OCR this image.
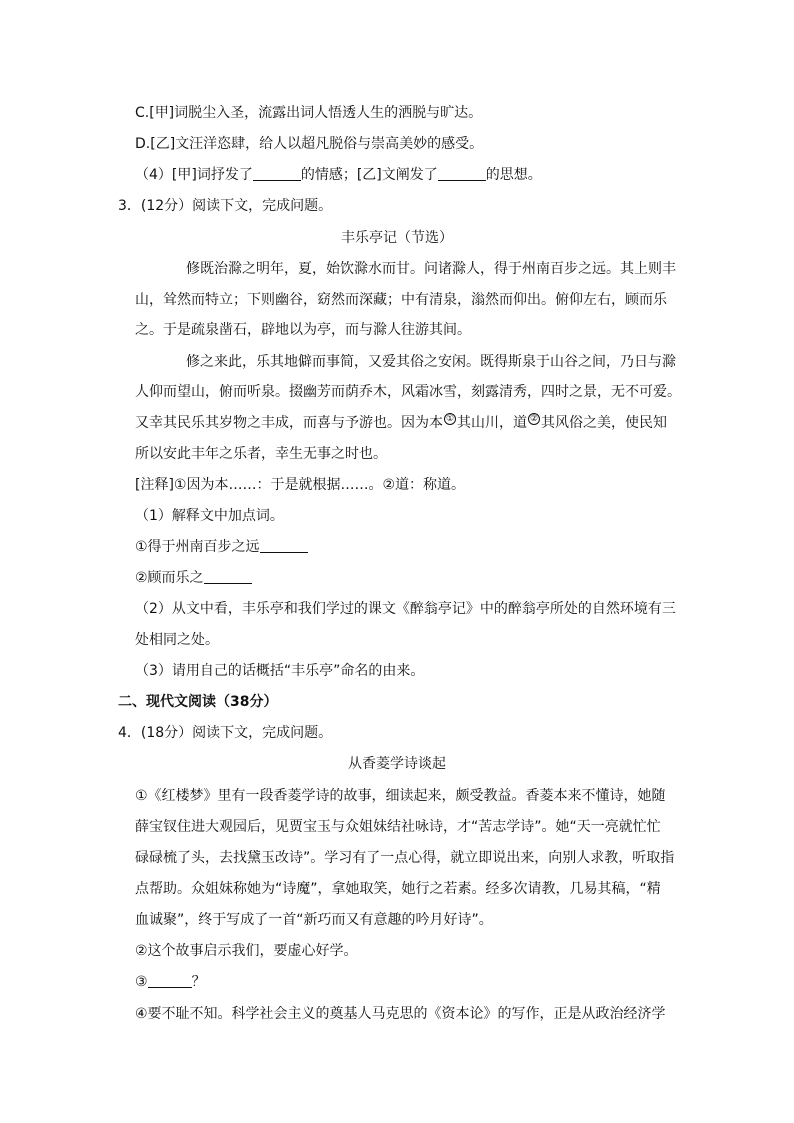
C.[甲]词脱尘入圣，流露出词人悟透人生的洒脱与旷达。
D.[乙]文汪洋恣肆，给人以超凡脱俗与崇高美妙的感受。
（4）[甲]词抒发了	的情感；[乙]文阐发了	的思想。
3．(12分）阅读下文，完成问题。
丰乐亭记（节选）
修既治滁之明年，夏，始饮滁水而甘。问诸滁人，得于州南百步之远。其上则丰
山，耸然而特立；下则幽谷，窈然而深藏；中有清泉，滃然而仰出。俯仰左右，顾而乐
之。于是疏泉凿石，辟地以为亭，而与滁人往游其间。
修之来此，乐其地僻而事简，又爱其俗之安闲。既得斯泉于山谷之间，乃日与滁
人仰而望山，俯而听泉。掇幽芳而荫乔木，风霜冰雪，刻露清秀，四时之景，无不可爱。
又幸其民乐其岁物之丰成，而喜与予游也。因为本 ① 其山川，道 ② 其风俗之美，使民知
所以安此丰年之乐者，幸生无事之时也。
[注释]①因为本……：于是就根据……。②道：称道。
（1）解释文中加点词。
①得于州南百步之远
②顾而乐之
（2）从文中看，丰乐亭和我们学过的课文《醉翁亭记》中的醉翁亭所处的自然环境有三
处相同之处。
（3）请用自己的话概括“丰乐亭”命名的由来。
二、现代文阅读（38分）
4．(18分）阅读下文，完成问题。
从香菱学诗谈起
①《红楼梦》里有一段香菱学诗的故事，细读起来，颇受教益。香菱本来不懂诗，她随
薛宝钗住进大观园后，见贾宝玉与众姐妹结社咏诗，才“苦志学诗”。她“天一亮就忙忙
碌碌梳了头，去找黛玉改诗”。学习有了一点心得，就立即说出来，向别人求教，听取指
点帮助。众姐妹称她为“诗魔”，拿她取笑，她行之若素。经多次请教，几易其稿，“精
血诚聚”，终于写成了一首“新巧而又有意趣的吟月好诗”。
②这个故事启示我们，要虚心好学。
③	？
④要不耻不知。科学社会主义的奠基人马克思的《资本论》的写作，正是从政治经济学
